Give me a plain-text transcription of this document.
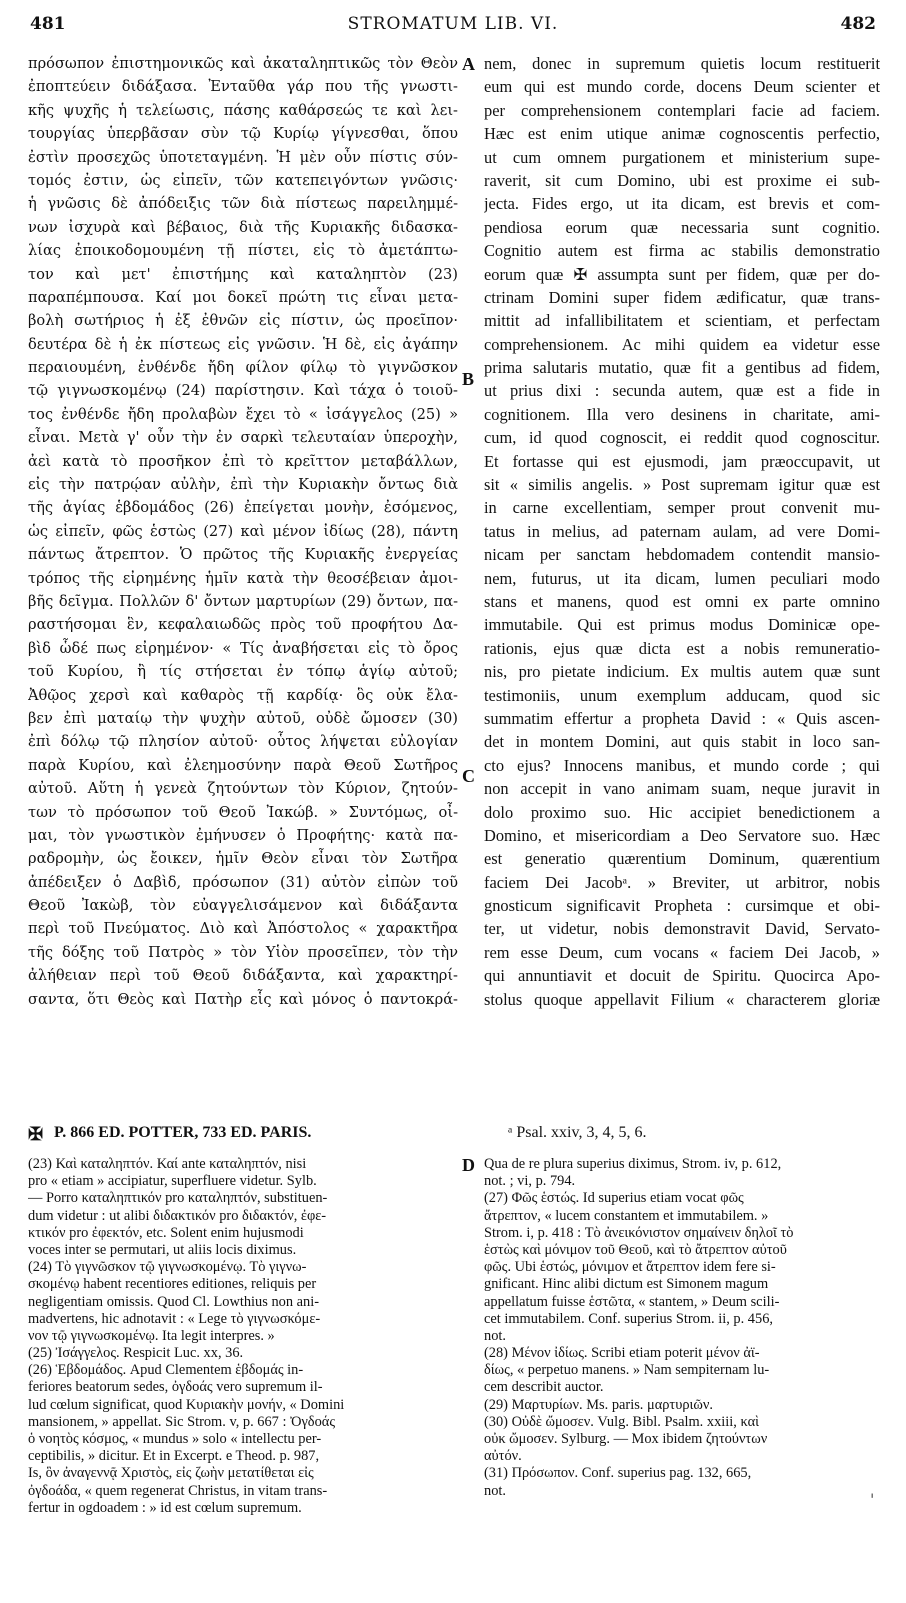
481	STROMATUM LIB. VI.	482
πρόσωπον ἐπιστημονικῶς καὶ ἀκαταληπτικῶς τὸν Θεὸν
ἐποπτεύειν διδάξασα. Ἐνταῦθα γάρ που τῆς γνωστι-
κῆς ψυχῆς ἡ τελείωσις, πάσης καθάρσεώς τε καὶ λει-
τουργίας ὑπερβᾶσαν σὺν τῷ Κυρίῳ γίγνεσθαι, ὅπου
ἐστὶν προσεχῶς ὑποτεταγμένη. Ἡ μὲν οὖν πίστις σύν-
τομός ἐστιν, ὡς εἰπεῖν, τῶν κατεπειγόντων γνῶσις·
ἡ γνῶσις δὲ ἀπόδειξις τῶν διὰ πίστεως παρειλημμέ-
νων ἰσχυρὰ καὶ βέβαιος, διὰ τῆς Κυριακῆς διδασκα-
λίας ἐποικοδομουμένη τῇ πίστει, εἰς τὸ ἀμετάπτω-
τον καὶ μετ' ἐπιστήμης καὶ καταληπτὸν (23)
παραπέμπουσα. Καί μοι δοκεῖ πρώτη τις εἶναι μετα-
βολὴ σωτήριος ἡ ἐξ ἐθνῶν εἰς πίστιν, ὡς προεῖπον·
δευτέρα δὲ ἡ ἐκ πίστεως εἰς γνῶσιν. Ἡ δὲ, εἰς ἀγάπην
περαιουμένη, ἐνθένδε ἤδη φίλον φίλῳ τὸ γιγνῶσκον
τῷ γιγνωσκομένῳ (24) παρίστησιν. Καὶ τάχα ὁ τοιοῦ-
τος ἐνθένδε ἤδη προλαβὼν ἔχει τὸ « ἰσάγγελος (25) »
εἶναι. Μετὰ γ' οὖν τὴν ἐν σαρκὶ τελευταίαν ὑπεροχὴν,
ἀεὶ κατὰ τὸ προσῆκον ἐπὶ τὸ κρεῖττον μεταβάλλων,
εἰς τὴν πατρῴαν αὐλὴν, ἐπὶ τὴν Κυριακὴν ὄντως διὰ
τῆς ἁγίας ἑβδομάδος (26) ἐπείγεται μονὴν, ἐσόμενος,
ὡς εἰπεῖν, φῶς ἑστὼς (27) καὶ μένον ἰδίως (28), πάντη
πάντως ἄτρεπτον. Ὁ πρῶτος τῆς Κυριακῆς ἐνεργείας
τρόπος τῆς εἰρημένης ἡμῖν κατὰ τὴν θεοσέβειαν ἀμοι-
βῆς δεῖγμα. Πολλῶν δ' ὄντων μαρτυρίων (29) ὄντων, πα-
ραστήσομαι ἓν, κεφαλαιωδῶς πρὸς τοῦ προφήτου Δα-
βὶδ ὧδέ πως εἰρημένον· « Τίς ἀναβήσεται εἰς τὸ ὄρος
τοῦ Κυρίου, ἢ τίς στήσεται ἐν τόπῳ ἁγίῳ αὐτοῦ;
Ἀθῷος χερσὶ καὶ καθαρὸς τῇ καρδίᾳ· ὃς οὐκ ἔλα-
βεν ἐπὶ ματαίῳ τὴν ψυχὴν αὐτοῦ, οὐδὲ ὤμοσεν (30)
ἐπὶ δόλῳ τῷ πλησίον αὐτοῦ· οὗτος λήψεται εὐλογίαν
παρὰ Κυρίου, καὶ ἐλεημοσύνην παρὰ Θεοῦ Σωτῆρος
αὐτοῦ. Αὕτη ἡ γενεὰ ζητούντων τὸν Κύριον, ζητούν-
των τὸ πρόσωπον τοῦ Θεοῦ Ἰακώβ. » Συντόμως, οἶ-
μαι, τὸν γνωστικὸν ἐμήνυσεν ὁ Προφήτης· κατὰ πα-
ραδρομὴν, ὡς ἔοικεν, ἡμῖν Θεὸν εἶναι τὸν Σωτῆρα
ἀπέδειξεν ὁ Δαβὶδ, πρόσωπον (31) αὐτὸν εἰπὼν τοῦ
Θεοῦ Ἰακὼβ, τὸν εὐαγγελισάμενον καὶ διδάξαντα
περὶ τοῦ Πνεύματος. Διὸ καὶ Ἀπόστολος « χαρακτῆρα
τῆς δόξης τοῦ Πατρὸς » τὸν Υἱὸν προσεῖπεν, τὸν τὴν
ἀλήθειαν περὶ τοῦ Θεοῦ διδάξαντα, καὶ χαρακτηρί-
σαντα, ὅτι Θεὸς καὶ Πατὴρ εἷς καὶ μόνος ὁ παντοκρά-
nem, donec in supremum quietis locum restituerit
eum qui est mundo corde, docens Deum scienter et
per comprehensionem contemplari facie ad faciem.
Hæc est enim utique animæ cognoscentis perfectio,
ut cum omnem purgationem et ministerium supe-
raverit, sit cum Domino, ubi est proxime ei sub-
jecta. Fides ergo, ut ita dicam, est brevis et com-
pendiosa eorum quæ necessaria sunt cognitio.
Cognitio autem est firma ac stabilis demonstratio
eorum quæ ✠ assumpta sunt per fidem, quæ per do-
ctrinam Domini super fidem ædificatur, quæ trans-
mittit ad infallibilitatem et scientiam, et perfectam
comprehensionem. Ac mihi quidem ea videtur esse
prima salutaris mutatio, quæ fit a gentibus ad fidem,
ut prius dixi : secunda autem, quæ est a fide in
cognitionem. Illa vero desinens in charitate, ami-
cum, id quod cognoscit, ei reddit quod cognoscitur.
Et fortasse qui est ejusmodi, jam præoccupavit, ut
sit « similis angelis. » Post supremam igitur quæ est
in carne excellentiam, semper prout convenit mu-
tatus in melius, ad paternam aulam, ad vere Domi-
nicam per sanctam hebdomadem contendit mansio-
nem, futurus, ut ita dicam, lumen peculiari modo
stans et manens, quod est omni ex parte omnino
immutabile. Qui est primus modus Dominicæ ope-
rationis, ejus quæ dicta est a nobis remuneratio-
nis, pro pietate indicium. Ex multis autem quæ sunt
testimoniis, unum exemplum adducam, quod sic
summatim effertur a propheta David : « Quis ascen-
det in montem Domini, aut quis stabit in loco san-
cto ejus? Innocens manibus, et mundo corde ; qui
non accepit in vano animam suam, neque juravit in
dolo proximo suo. Hic accipiet benedictionem a
Domino, et misericordiam a Deo Servatore suo. Hæc
est generatio quærentium Dominum, quærentium
faciem Dei Jacobᵃ. » Breviter, ut arbitror, nobis
gnosticum significavit Propheta : cursimque et obi-
ter, ut videtur, nobis demonstravit David, Servato-
rem esse Deum, cum vocans « faciem Dei Jacob, »
qui annuntiavit et docuit de Spiritu. Quocirca Apo-
stolus quoque appellavit Filium « characterem gloriæ
A
B
C
D
✠ P. 866 ED. POTTER, 733 ED. PARIS.	ᵃ Psal. xxiv, 3, 4, 5, 6.
(23) Καὶ καταληπτόν. Καί ante καταληπτόν, nisi
pro « etiam » accipiatur, superfluere videtur. Sylb.
— Porro καταληπτικόν pro καταληπτόν, substituen-
dum videtur : ut alibi διδακτικόν pro διδακτόν, ἐφε-
κτικόν pro ἐφεκτόν, etc. Solent enim hujusmodi
voces inter se permutari, ut aliis locis diximus.
(24) Τὸ γιγνῶσκον τῷ γιγνωσκομένῳ. Τὸ γιγνω-
σκομένῳ habent recentiores editiones, reliquis per
negligentiam omissis. Quod Cl. Lowthius non ani-
madvertens, hic adnotavit : « Lege τὸ γιγνωσκόμε-
νον τῷ γιγνωσκομένῳ. Ita legit interpres. »
(25) Ἰσάγγελος. Respicit Luc. xx, 36.
(26) Ἑβδομάδος. Apud Clementem ἑβδομάς in-
feriores beatorum sedes, ὀγδοάς vero supremum il-
lud cœlum significat, quod Κυριακὴν μονήν, « Domini
mansionem, » appellat. Sic Strom. v, p. 667 : Ὀγδοάς
ὁ νοητὸς κόσμος, « mundus » solo « intellectu per-
ceptibilis, » dicitur. Et in Excerpt. e Theod. p. 987,
Is, ὃν ἀναγεννᾷ Χριστὸς, εἰς ζωὴν μετατίθεται εἰς
ὀγδοάδα, « quem regenerat Christus, in vitam trans-
fertur in ogdoadem : » id est cœlum supremum.
Qua de re plura superius diximus, Strom. iv, p. 612,
not. ; vi, p. 794.
(27) Φῶς ἑστώς. Id superius etiam vocat φῶς
ἄτρεπτον, « lucem constantem et immutabilem. »
Strom. i, p. 418 : Τὸ ἀνεικόνιστον σημαίνειν δηλοῖ τὸ
ἑστὼς καὶ μόνιμον τοῦ Θεοῦ, καὶ τὸ ἄτρεπτον αὐτοῦ
φῶς. Ubi ἑστώς, μόνιμον et ἄτρεπτον idem fere si-
gnificant. Hinc alibi dictum est Simonem magum
appellatum fuisse ἑστῶτα, « stantem, » Deum scili-
cet immutabilem. Conf. superius Strom. ii, p. 456,
not.
(28) Μένον ἰδίως. Scribi etiam poterit μένον ἀϊ-
δίως, « perpetuo manens. » Nam sempiternam lu-
cem describit auctor.
(29) Μαρτυρίων. Ms. paris. μαρτυριῶν.
(30) Οὐδὲ ὤμοσεν. Vulg. Bibl. Psalm. xxiii, καὶ
οὐκ ὤμοσεν. Sylburg. — Mox ibidem ζητούντων
αὐτόν.
(31) Πρόσωπον. Conf. superius pag. 132, 665,
not.	'
